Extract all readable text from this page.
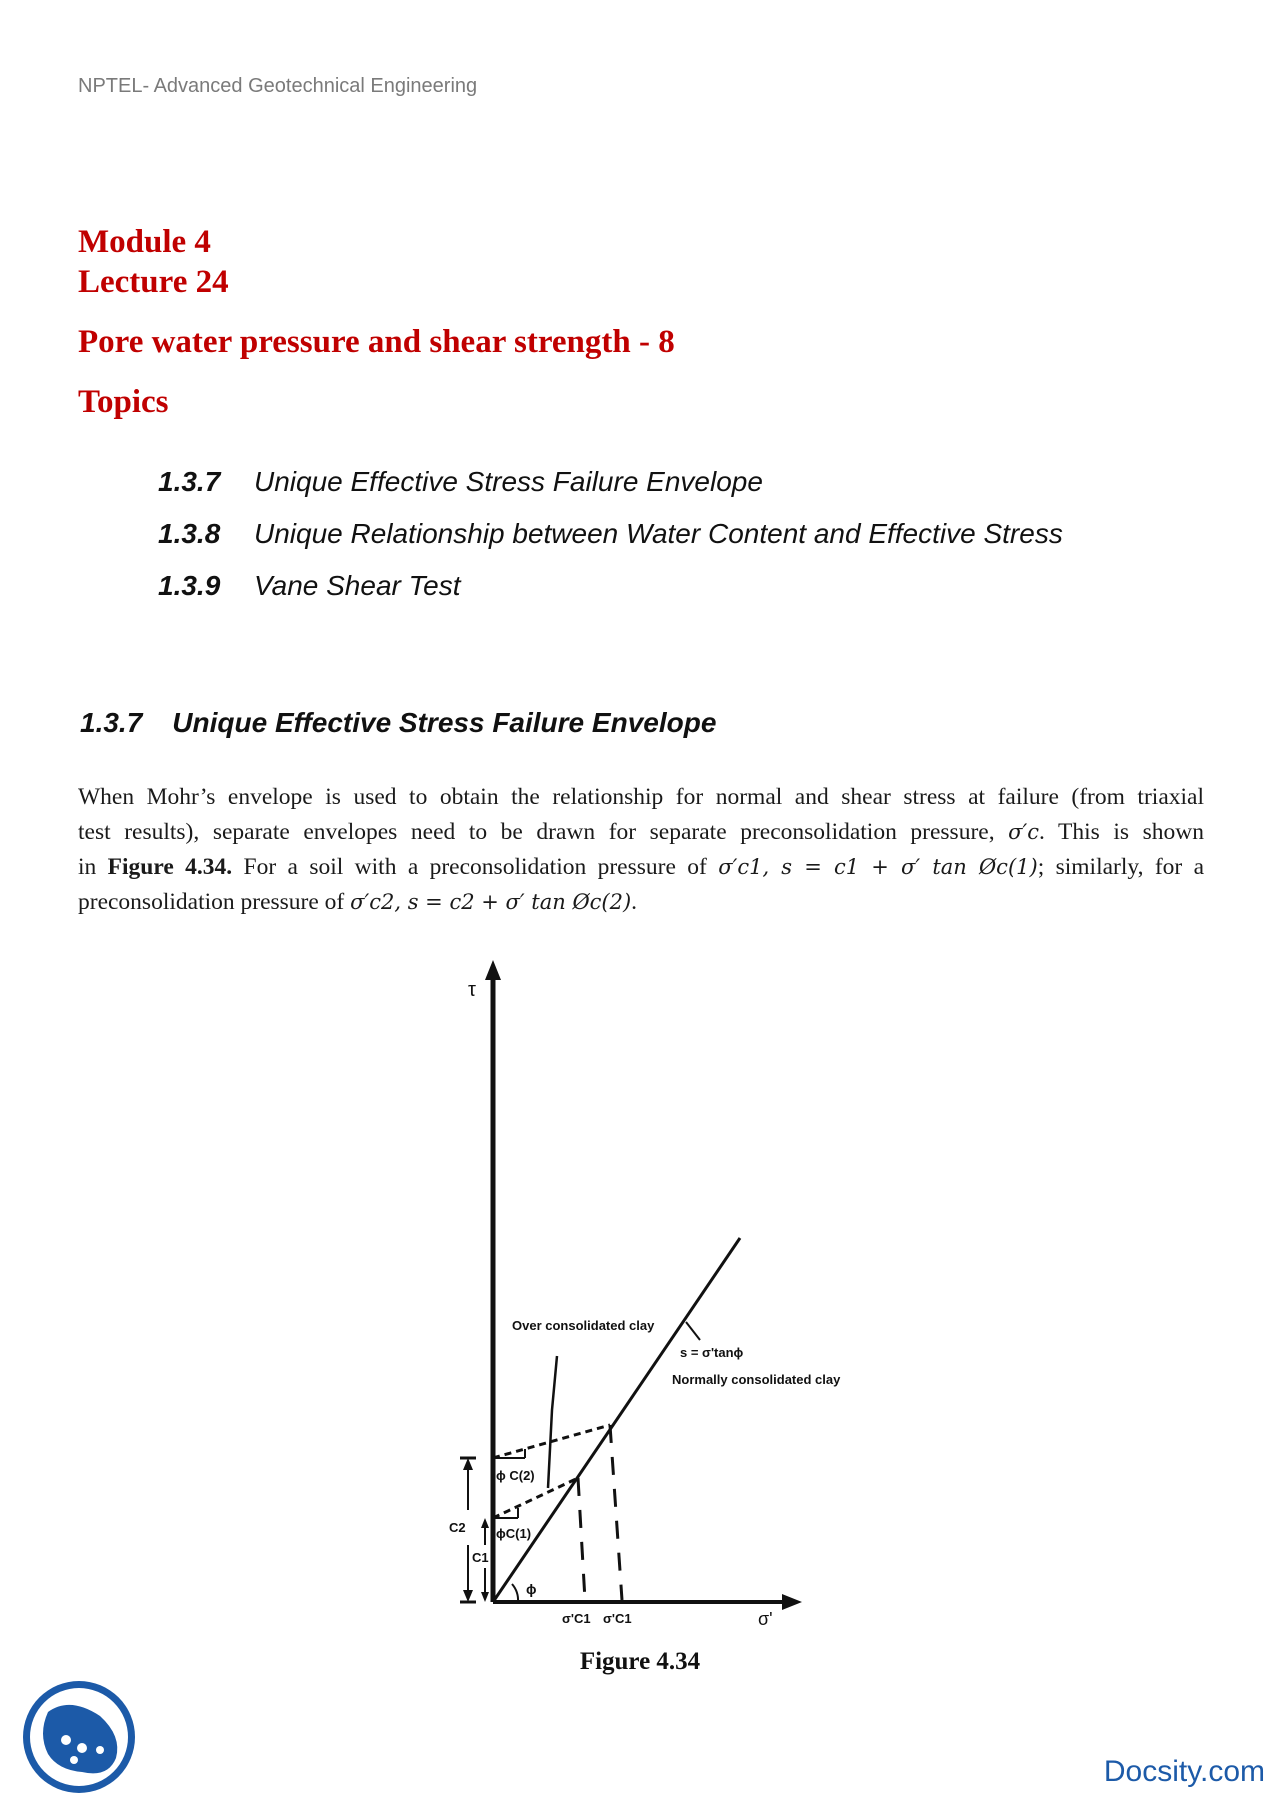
NPTEL- Advanced Geotechnical Engineering
Module 4
Lecture 24
Pore water pressure and shear strength - 8
Topics
1.3.7 Unique Effective Stress Failure Envelope
1.3.8 Unique Relationship between Water Content and Effective Stress
1.3.9 Vane Shear Test
1.3.7 Unique Effective Stress Failure Envelope
When Mohr’s envelope is used to obtain the relationship for normal and shear stress at failure (from triaxial
test results), separate envelopes need to be drawn for separate preconsolidation pressure, σ′c. This is shown
in Figure 4.34. For a soil with a preconsolidation pressure of σ′c1, s = c1 + σ′ tan Øc(1); similarly, for a
preconsolidation pressure of σ′c2, s = c2 + σ′ tan Øc(2).
τ
σ'
Over consolidated clay
s = σ'tanϕ
Normally consolidated clay
ϕ C(2)
ϕC(1)
C2
C1
ϕ
σ'C1 σ'C1
Figure 4.34
Docsity.com
